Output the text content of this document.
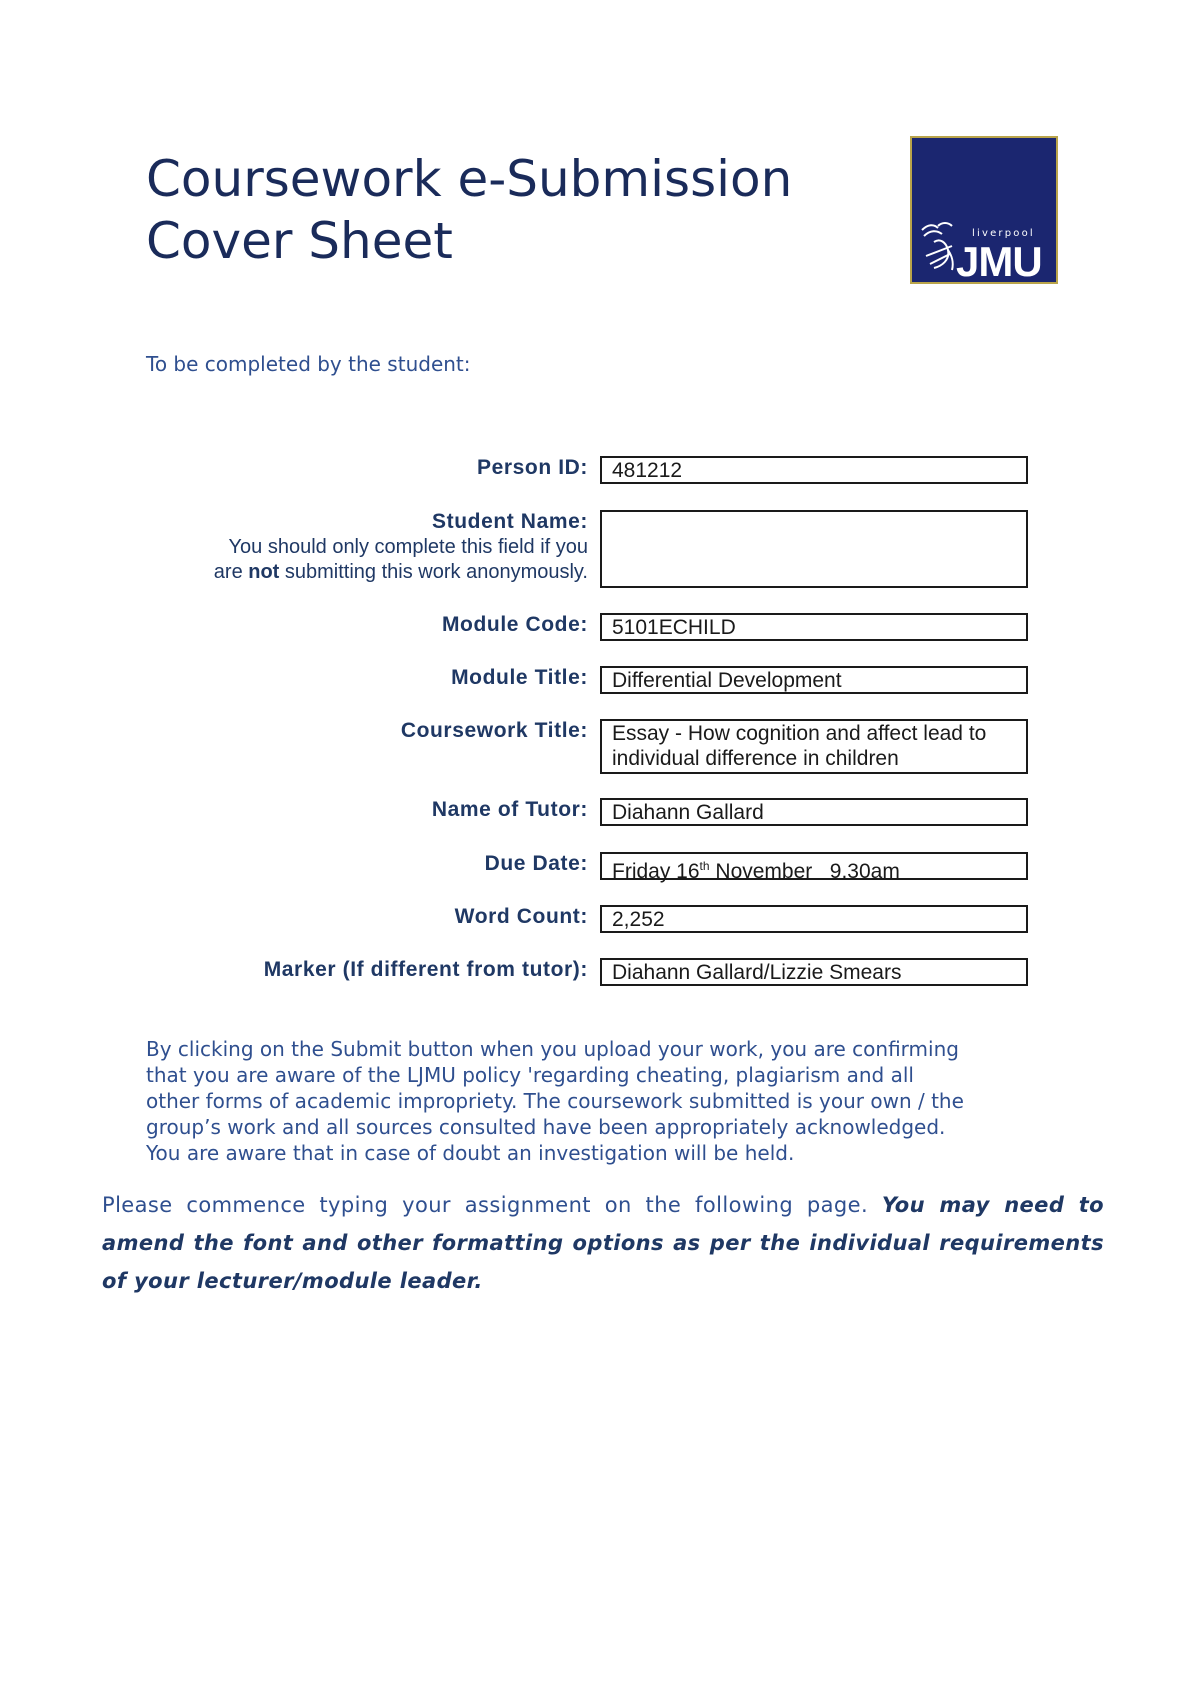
Coursework e-Submission
Cover Sheet	liverpool
JMU
To be completed by the student:
Person ID:	481212
Student Name:
You should only complete this field if you
are not submitting this work anonymously.
Module Code:	5101ECHILD
Module Title:	Differential Development
Coursework Title: Essay - How cognition and affect lead to
individual difference in children
Name of Tutor:	Diahann Gallard
Due Date:	Friday 16th November   9.30am
Word Count:	2,252
Marker (If different from tutor):	Diahann Gallard/Lizzie Smears

By clicking on the Submit button when you upload your work, you are confirming
that you are aware of the LJMU policy 'regarding cheating, plagiarism and all
other forms of academic impropriety. The coursework submitted is your own / the
group’s work and all sources consulted have been appropriately acknowledged.
You are aware that in case of doubt an investigation will be held.

Please commence typing your assignment on the following page. You may need to amend the font and other formatting options as per the individual requirements of your lecturer/module leader.
